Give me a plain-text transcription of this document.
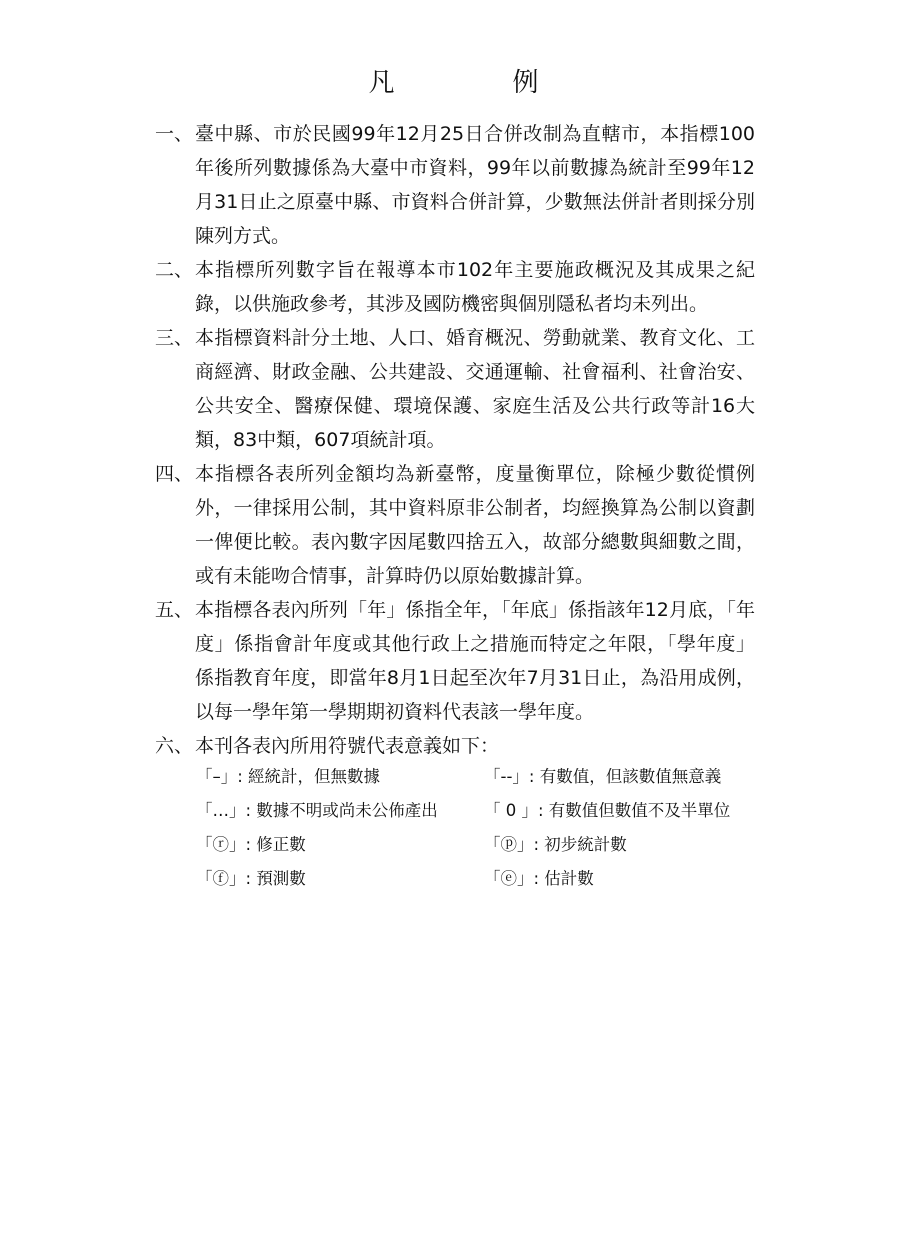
凡　例
一、 臺中縣、市於民國99年12月25日合併改制為直轄市，本指標100年後所列數據係為大臺中市資料，99年以前數據為統計至99年12月31日止之原臺中縣、市資料合併計算，少數無法併計者則採分別陳列方式。
二、 本指標所列數字旨在報導本市102年主要施政概況及其成果之紀錄，以供施政參考，其涉及國防機密與個別隱私者均未列出。
三、 本指標資料計分土地、人口、婚育概況、勞動就業、教育文化、工商經濟、財政金融、公共建設、交通運輸、社會福利、社會治安、公共安全、醫療保健、環境保護、家庭生活及公共行政等計16大類，83中類，607項統計項。
四、 本指標各表所列金額均為新臺幣，度量衡單位，除極少數從慣例外，一律採用公制，其中資料原非公制者，均經換算為公制以資劃一俾便比較。表內數字因尾數四捨五入，故部分總數與細數之間，或有未能吻合情事，計算時仍以原始數據計算。
五、 本指標各表內所列「年」係指全年，「年底」係指該年12月底，「年度」係指會計年度或其他行政上之措施而特定之年限，「學年度」係指教育年度，即當年8月1日起至次年7月31日止，為沿用成例，以每一學年第一學期期初資料代表該一學年度。
六、 本刊各表內所用符號代表意義如下：
「–」: 經統計，但無數據	「--」: 有數值，但該數值無意義
「…」: 數據不明或尚未公佈產出	「 0 」: 有數值但數值不及半單位
「ⓡ」: 修正數	「ⓟ」: 初步統計數
「ⓕ」: 預測數	「ⓔ」: 估計數
